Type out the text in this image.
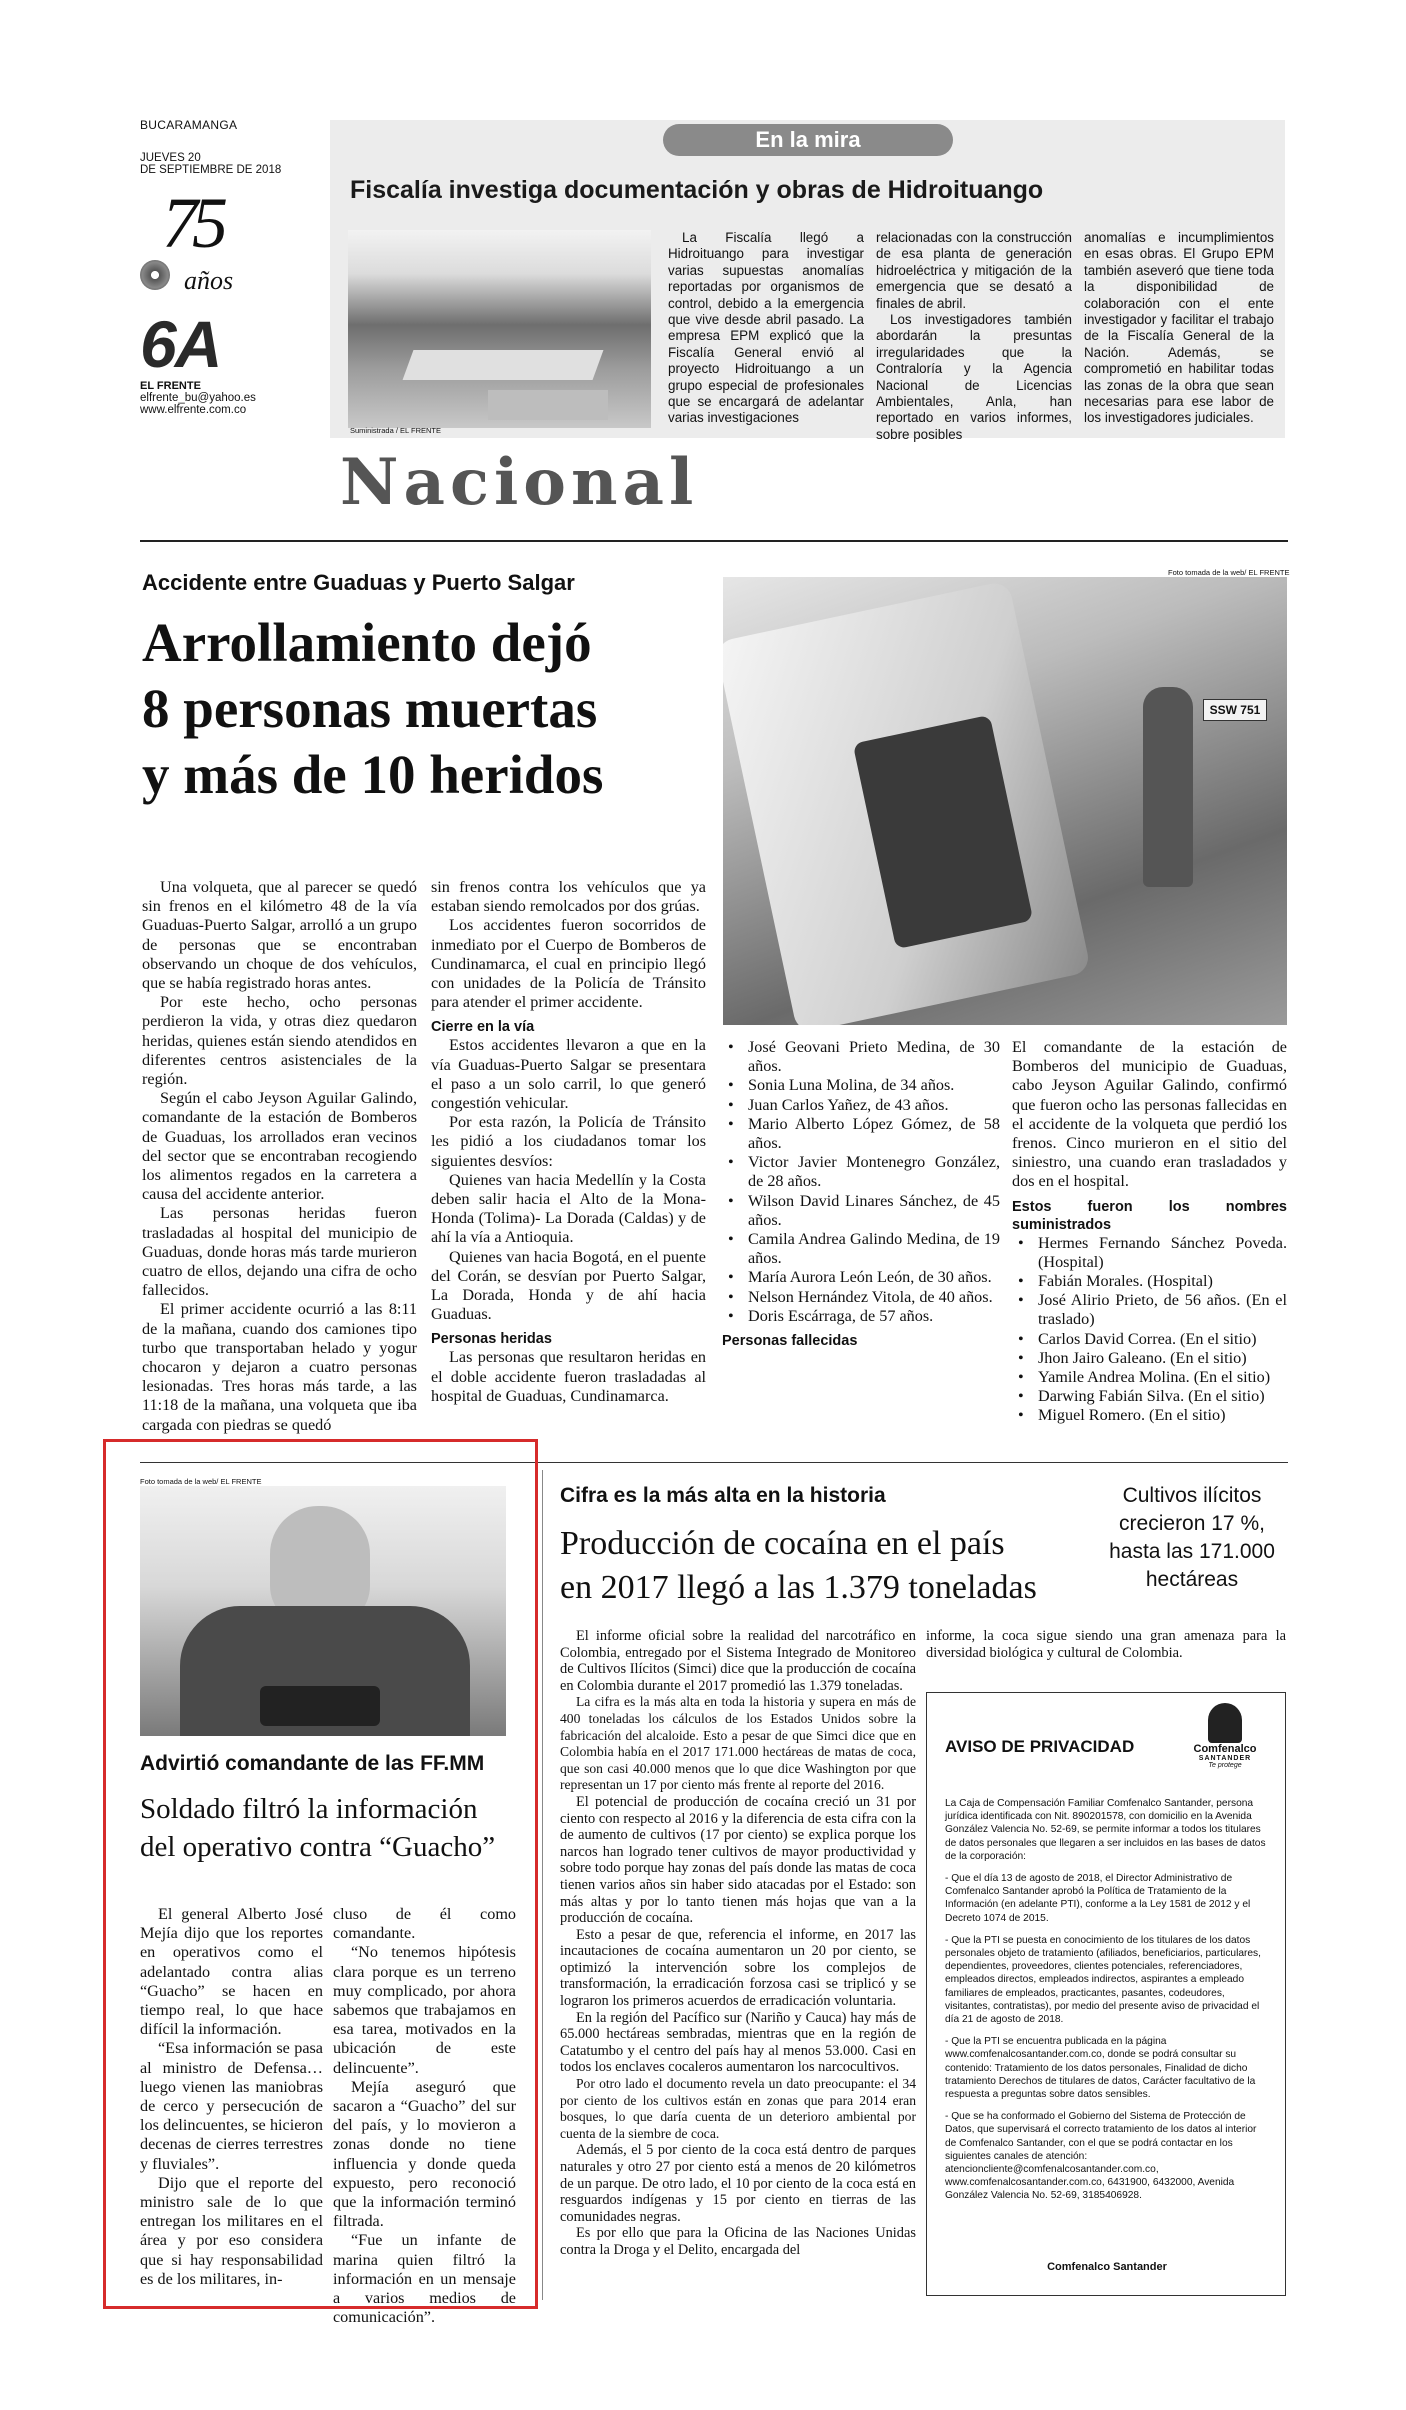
BUCARAMANGA
JUEVES 20
DE SEPTIEMBRE DE 2018
75
años
6A
EL FRENTE
elfrente_bu@yahoo.es
www.elfrente.com.co
En la mira
Fiscalía investiga documentación y obras de Hidroituango
Suministrada / EL FRENTE

La Fiscalía llegó a Hidroituango para investigar varias supuestas anomalías reportadas por organismos de control, debido a la emergencia que vive desde abril pasado. La empresa EPM explicó que la Fiscalía General envió al proyecto Hidroituango a un grupo especial de profesionales que se encargará de adelantar varias investigaciones

relacionadas con la construcción de esa planta de generación hidroeléctrica y mitigación de la emergencia que se desató a finales de abril.

Los investigadores también abordarán la presuntas irregularidades que la Contraloría y la Agencia Nacional de Licencias Ambientales, Anla, han reportado en varios informes, sobre posibles

anomalías e incumplimientos en esas obras. El Grupo EPM también aseveró que tiene toda la disponibilidad de colaboración con el ente investigador y facilitar el trabajo de la Fiscalía General de la Nación. Además, se comprometió en habilitar todas las zonas de la obra que sean necesarias para ese labor de los investigadores judiciales.

Nacional
Accidente entre Guaduas y Puerto Salgar
Arrollamiento dejó
8 personas muertas
y más de 10 heridos
Foto tomada de la web/ EL FRENTE
SSW 751

Una volqueta, que al parecer se quedó sin frenos en el kilómetro 48 de la vía Guaduas-Puerto Salgar, arrolló a un grupo de personas que se encontraban observando un choque de dos vehículos, que se había registrado horas antes.

Por este hecho, ocho personas perdieron la vida, y otras diez quedaron heridas, quienes están siendo atendidos en diferentes centros asistenciales de la región.

Según el cabo Jeyson Aguilar Galindo, comandante de la estación de Bomberos de Guaduas, los arrollados eran vecinos del sector que se encontraban recogiendo los alimentos regados en la carretera a causa del accidente anterior.

Las personas heridas fueron trasladadas al hospital del municipio de Guaduas, donde horas más tarde murieron cuatro de ellos, dejando una cifra de ocho fallecidos.

El primer accidente ocurrió a las 8:11 de la mañana, cuando dos camiones tipo turbo que transportaban helado y yogur chocaron y dejaron a cuatro personas lesionadas. Tres horas más tarde, a las 11:18 de la mañana, una volqueta que iba cargada con piedras se quedó

sin frenos contra los vehículos que ya estaban siendo remolcados por dos grúas.

Los accidentes fueron socorridos de inmediato por el Cuerpo de Bomberos de Cundinamarca, el cual en principio llegó con unidades de la Policía de Tránsito para atender el primer accidente.

Cierre en la vía

Estos accidentes llevaron a que en la vía Guaduas-Puerto Salgar se presentara el paso a un solo carril, lo que generó congestión vehicular.

Por esta razón, la Policía de Tránsito les pidió a los ciudadanos tomar los siguientes desvíos:

Quienes van hacia Medellín y la Costa deben salir hacia el Alto de la Mona-Honda (Tolima)- La Dorada (Caldas) y de ahí la vía a Antioquia.

Quienes van hacia Bogotá, en el puente del Corán, se desvían por Puerto Salgar, La Dorada, Honda y de ahí hacia Guaduas.

Personas heridas

Las personas que resultaron heridas en el doble accidente fueron trasladadas al hospital de Guaduas, Cundinamarca.

• José Geovani Prieto Medina, de 30 años.
• Sonia Luna Molina, de 34 años.
• Juan Carlos Yañez, de 43 años.
• Mario Alberto López Gómez, de 58 años.
• Victor Javier Montenegro González, de 28 años.
• Wilson David Linares Sánchez, de 45 años.
• Camila Andrea Galindo Medina, de 19 años.
• María Aurora León León, de 30 años.
• Nelson Hernández Vitola, de 40 años.
• Doris Escárraga, de 57 años.
Personas fallecidas

El comandante de la estación de Bomberos del municipio de Guaduas, cabo Jeyson Aguilar Galindo, confirmó que fueron ocho las personas fallecidas en el accidente de la volqueta que perdió los frenos. Cinco murieron en el sitio del siniestro, una cuando eran trasladados y dos en el hospital.

Estos fueron los nombres suministrados
• Hermes Fernando Sánchez Poveda. (Hospital)
• Fabián Morales. (Hospital)
• José Alirio Prieto, de 56 años. (En el traslado)
• Carlos David Correa. (En el sitio)
• Jhon Jairo Galeano. (En el sitio)
• Yamile Andrea Molina. (En el sitio)
• Darwing Fabián Silva. (En el sitio)
• Miguel Romero. (En el sitio)
Foto tomada de la web/ EL FRENTE
Advirtió comandante de las FF.MM
Soldado filtró la información
del operativo contra “Guacho”

El general Alberto José Mejía dijo que los reportes en operativos como el adelantado contra alias “Guacho” se hacen en tiempo real, lo que hace difícil la información.

“Esa información se pasa al ministro de Defensa… luego vienen las maniobras de cerco y persecución de los delincuentes, se hicieron decenas de cierres terrestres y fluviales”.

Dijo que el reporte del ministro sale de lo que entregan los militares en el área y por eso considera que si hay responsabilidad es de los militares, in-

cluso de él como comandante.

“No tenemos hipótesis clara porque es un terreno muy complicado, por ahora sabemos que trabajamos en esa tarea, motivados en la ubicación de este delincuente”.

Mejía aseguró que sacaron a “Guacho” del sur del país, y lo movieron a zonas donde no tiene influencia y donde queda expuesto, pero reconoció que la información terminó filtrada.

“Fue un infante de marina quien filtró la información en un mensaje a varios medios de comunicación”.

Cifra es la más alta en la historia
Producción de cocaína en el país
en 2017 llegó a las 1.379 toneladas
Cultivos ilícitos crecieron 17 %, hasta las 171.000 hectáreas

El informe oficial sobre la realidad del narcotráfico en Colombia, entregado por el Sistema Integrado de Monitoreo de Cultivos Ilícitos (Simci) dice que la producción de cocaína en Colombia durante el 2017 promedió las 1.379 toneladas.

La cifra es la más alta en toda la historia y supera en más de 400 toneladas los cálculos de los Estados Unidos sobre la fabricación del alcaloide. Esto a pesar de que Simci dice que en Colombia había en el 2017 171.000 hectáreas de matas de coca, que son casi 40.000 menos que lo que dice Washington por que representan un 17 por ciento más frente al reporte del 2016.

El potencial de producción de cocaína creció un 31 por ciento con respecto al 2016 y la diferencia de esta cifra con la de aumento de cultivos (17 por ciento) se explica porque los narcos han logrado tener cultivos de mayor productividad y sobre todo porque hay zonas del país donde las matas de coca tienen varios años sin haber sido atacadas por el Estado: son más altas y por lo tanto tienen más hojas que van a la producción de cocaína.

Esto a pesar de que, referencia el informe, en 2017 las incautaciones de cocaína aumentaron un 20 por ciento, se optimizó la intervención sobre los complejos de transformación, la erradicación forzosa casi se triplicó y se lograron los primeros acuerdos de erradicación voluntaria.

En la región del Pacífico sur (Nariño y Cauca) hay más de 65.000 hectáreas sembradas, mientras que en la región de Catatumbo y el centro del país hay al menos 53.000. Casi en todos los enclaves cocaleros aumentaron los narcocultivos.

Por otro lado el documento revela un dato preocupante: el 34 por ciento de los cultivos están en zonas que para 2014 eran bosques, lo que daría cuenta de un deterioro ambiental por cuenta de la siembre de coca.

Además, el 5 por ciento de la coca está dentro de parques naturales y otro 27 por ciento está a menos de 20 kilómetros de un parque. De otro lado, el 10 por ciento de la coca está en resguardos indígenas y 15 por ciento en tierras de las comunidades negras.

Es por ello que para la Oficina de las Naciones Unidas contra la Droga y el Delito, encargada del

informe, la coca sigue siendo una gran amenaza para la diversidad biológica y cultural de Colombia.

AVISO DE PRIVACIDAD	Comfenalco
SANTANDER
Te protege

La Caja de Compensación Familiar Comfenalco Santander, persona jurídica identificada con Nit. 890201578, con domicilio en la Avenida González Valencia No. 52-69, se permite informar a todos los titulares de datos personales que llegaren a ser incluidos en las bases de datos de la corporación:

- Que el día 13 de agosto de 2018, el Director Administrativo de Comfenalco Santander aprobó la Política de Tratamiento de la Información (en adelante PTI), conforme a la Ley 1581 de 2012 y el Decreto 1074 de 2015.

- Que la PTI se puesta en conocimiento de los titulares de los datos personales objeto de tratamiento (afiliados, beneficiarios, particulares, dependientes, proveedores, clientes potenciales, referenciadores, empleados directos, empleados indirectos, aspirantes a empleado familiares de empleados, practicantes, pasantes, codeudores, visitantes, contratistas), por medio del presente aviso de privacidad el día 21 de agosto de 2018.

- Que la PTI se encuentra publicada en la página www.comfenalcosantander.com.co, donde se podrá consultar su contenido: Tratamiento de los datos personales, Finalidad de dicho tratamiento Derechos de titulares de datos, Carácter facultativo de la respuesta a preguntas sobre datos sensibles.

- Que se ha conformado el Gobierno del Sistema de Protección de Datos, que supervisará el correcto tratamiento de los datos al interior de Comfenalco Santander, con el que se podrá contactar en los siguientes canales de atención: atencioncliente@comfenalcosantander.com.co, www.comfenalcosantander.com.co, 6431900, 6432000, Avenida González Valencia No. 52-69, 3185406928.

Comfenalco Santander
